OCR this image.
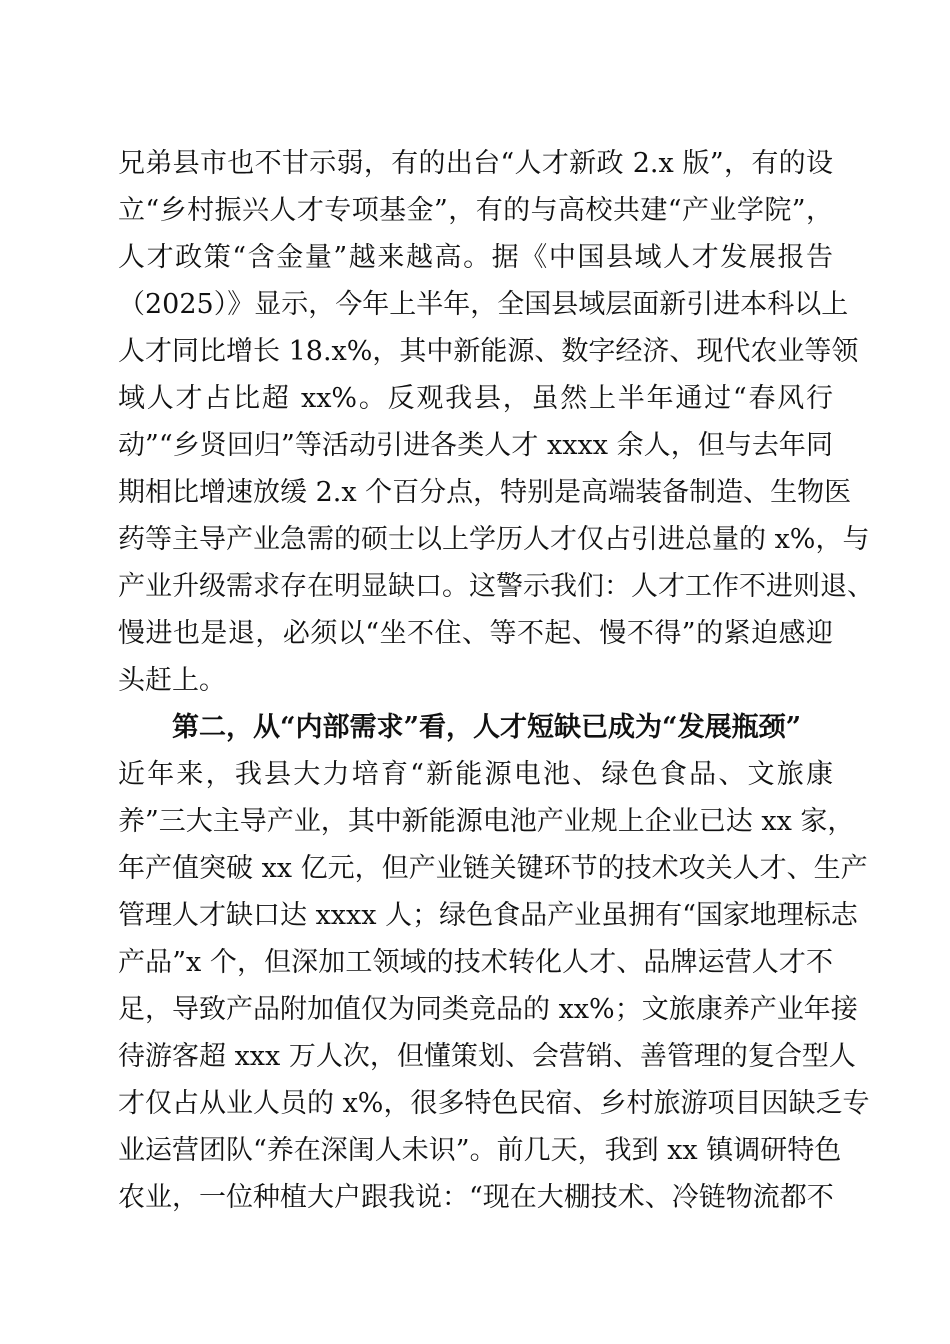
兄弟县市也不甘示弱，有的出台“人才新政 2.x 版”，有的设
立“乡村振兴人才专项基金”，有的与高校共建“产业学院”，
人才政策“含金量”越来越高。据《中国县域人才发展报告
（2025）》显示，今年上半年，全国县域层面新引进本科以上
人才同比增长 18.x%，其中新能源、数字经济、现代农业等领
域人才占比超 xx%。反观我县，虽然上半年通过“春风行
动”“乡贤回归”等活动引进各类人才 xxxx 余人，但与去年同
期相比增速放缓 2.x 个百分点，特别是高端装备制造、生物医
药等主导产业急需的硕士以上学历人才仅占引进总量的 x%，与
产业升级需求存在明显缺口。这警示我们：人才工作不进则退、
慢进也是退，必须以“坐不住、等不起、慢不得”的紧迫感迎
头赶上。
第二，从“内部需求”看，人才短缺已成为“发展瓶颈”
近年来，我县大力培育“新能源电池、绿色食品、文旅康
养”三大主导产业，其中新能源电池产业规上企业已达 xx 家，
年产值突破 xx 亿元，但产业链关键环节的技术攻关人才、生产
管理人才缺口达 xxxx 人；绿色食品产业虽拥有“国家地理标志
产品”x 个，但深加工领域的技术转化人才、品牌运营人才不
足，导致产品附加值仅为同类竞品的 xx%；文旅康养产业年接
待游客超 xxx 万人次，但懂策划、会营销、善管理的复合型人
才仅占从业人员的 x%，很多特色民宿、乡村旅游项目因缺乏专
业运营团队“养在深闺人未识”。前几天，我到 xx 镇调研特色
农业，一位种植大户跟我说：“现在大棚技术、冷链物流都不
